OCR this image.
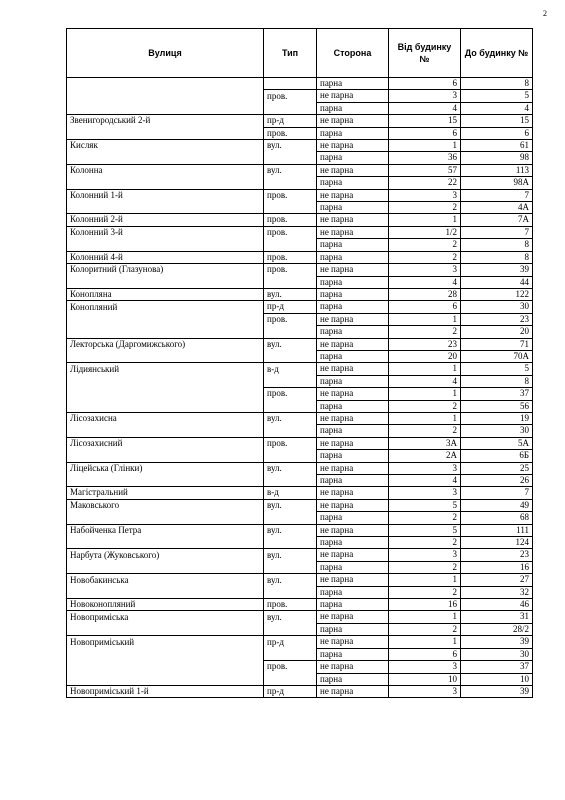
2
Вулиця	Тип	Сторона	Від будинку №	До будинку №
		парна	6	8
	пров.	не парна	3	5
		парна	4	4
Звенигородський 2-й	пр-д	не парна	15	15
	пров.	парна	6	6
Кисляк	вул.	не парна	1	61
		парна	36	98
Колонна	вул.	не парна	57	113
		парна	22	98А
Колонний 1-й	пров.	не парна	3	7
		парна	2	4А
Колонний 2-й	пров.	не парна	1	7А
Колонний 3-й	пров.	не парна	1/2	7
		парна	2	8
Колонний 4-й	пров.	парна	2	8
Колоритний (Глазунова)	пров.	не парна	3	39
		парна	4	44
Коноплянa	вул.	парна	28	122
Конопляний	пр-д	парна	6	30
	пров.	не парна	1	23
		парна	2	20
Лекторська (Даргомижського)	вул.	не парна	23	71
		парна	20	70А
Лідиянський	в-д	не парна	1	5
		парна	4	8
	пров.	не парна	1	37
		парна	2	56
Лісозахисна	вул.	не парна	1	19
		парна	2	30
Лісозахисний	пров.	не парна	3А	5А
		парна	2А	6Б
Ліцейська (Глінки)	вул.	не парна	3	25
		парна	4	26
Магістральний	в-д	не парна	3	7
Маковського	вул.	не парна	5	49
		парна	2	68
Набойченка Петра	вул.	не парна	5	111
		парна	2	124
Нарбута (Жуковського)	вул.	не парна	3	23
		парна	2	16
Новобакинська	вул.	не парна	1	27
		парна	2	32
Новоконопляний	пров.	парна	16	46
Новопримiська	вул.	не парна	1	31
		парна	2	28/2
Новопримiський	пр-д	не парна	1	39
		парна	6	30
	пров.	не парна	3	37
		парна	10	10
Новопримiський 1-й	пр-д	не парна	3	39
